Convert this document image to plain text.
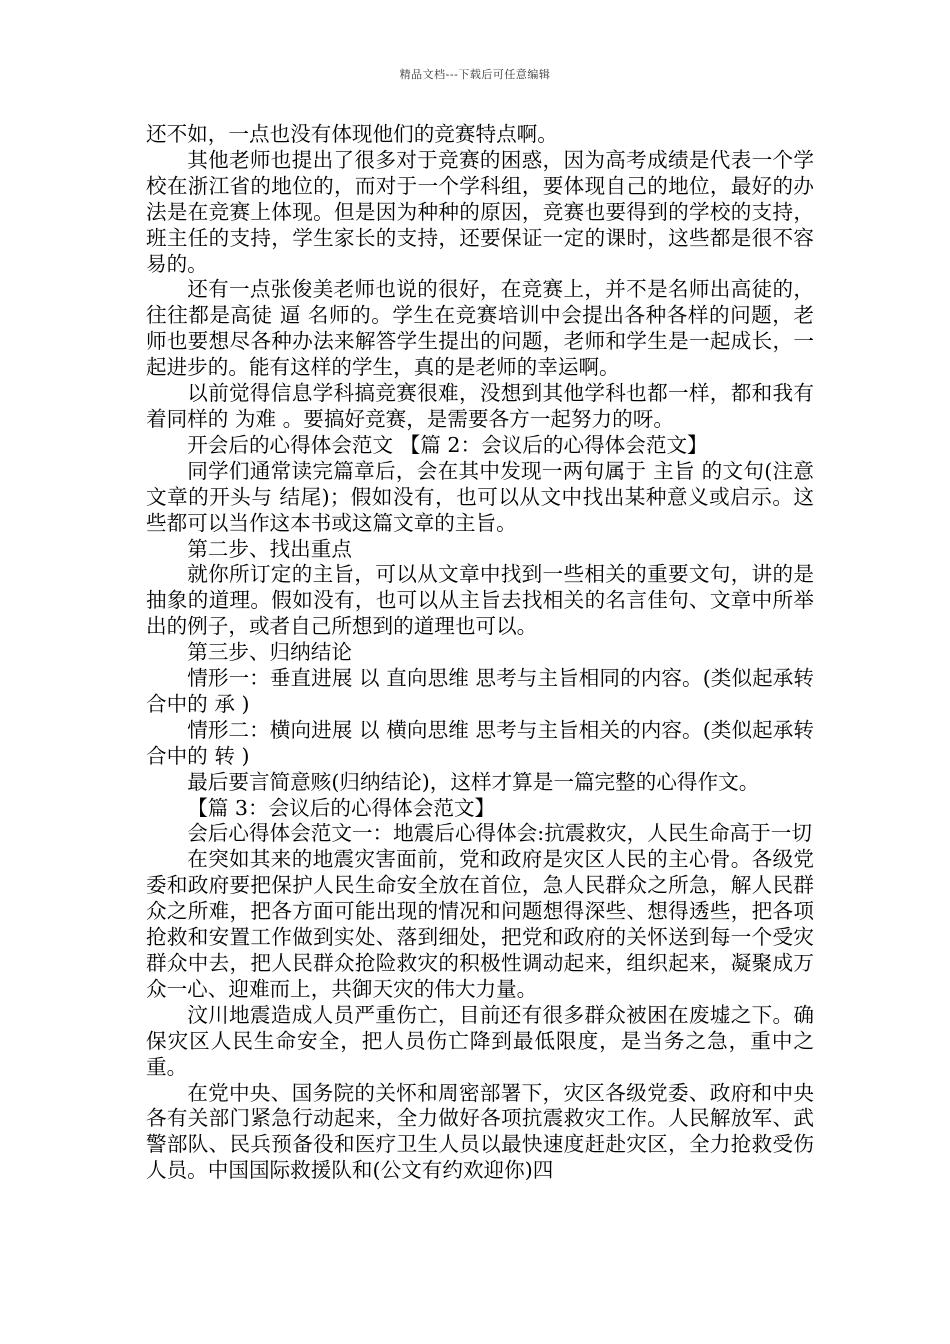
精品文档---下载后可任意编辑

还不如，一点也没有体现他们的竞赛特点啊。

其他老师也提出了很多对于竞赛的困惑，因为高考成绩是代表一个学校在浙江省的地位的，而对于一个学科组，要体现自己的地位，最好的办法是在竞赛上体现。但是因为种种的原因，竞赛也要得到的学校的支持，班主任的支持，学生家长的支持，还要保证一定的课时，这些都是很不容易的。

还有一点张俊美老师也说的很好，在竞赛上，并不是名师出高徒的，往往都是高徒 逼 名师的。学生在竞赛培训中会提出各种各样的问题，老师也要想尽各种办法来解答学生提出的问题，老师和学生是一起成长，一起进步的。能有这样的学生，真的是老师的幸运啊。

以前觉得信息学科搞竞赛很难，没想到其他学科也都一样，都和我有着同样的 为难 。要搞好竞赛，是需要各方一起努力的呀。

开会后的心得体会范文 【篇 2：会议后的心得体会范文】

同学们通常读完篇章后，会在其中发现一两句属于 主旨 的文句(注意文章的开头与 结尾)；假如没有，也可以从文中找出某种意义或启示。这些都可以当作这本书或这篇文章的主旨。

第二步、找出重点

就你所订定的主旨，可以从文章中找到一些相关的重要文句，讲的是抽象的道理。假如没有，也可以从主旨去找相关的名言佳句、文章中所举出的例子，或者自己所想到的道理也可以。

第三步、归纳结论

情形一：垂直进展 以 直向思维 思考与主旨相同的内容。(类似起承转合中的 承 )

情形二：横向进展 以 横向思维 思考与主旨相关的内容。(类似起承转合中的 转 )

最后要言简意赅(归纳结论)，这样才算是一篇完整的心得作文。

【篇 3：会议后的心得体会范文】

会后心得体会范文一：地震后心得体会:抗震救灾，人民生命高于一切

在突如其来的地震灾害面前，党和政府是灾区人民的主心骨。各级党委和政府要把保护人民生命安全放在首位，急人民群众之所急，解人民群众之所难，把各方面可能出现的情况和问题想得深些、想得透些，把各项抢救和安置工作做到实处、落到细处，把党和政府的关怀送到每一个受灾群众中去，把人民群众抢险救灾的积极性调动起来，组织起来，凝聚成万众一心、迎难而上，共御天灾的伟大力量。

汶川地震造成人员严重伤亡，目前还有很多群众被困在废墟之下。确保灾区人民生命安全，把人员伤亡降到最低限度，是当务之急，重中之重。

在党中央、国务院的关怀和周密部署下，灾区各级党委、政府和中央各有关部门紧急行动起来，全力做好各项抗震救灾工作。人民解放军、武警部队、民兵预备役和医疗卫生人员以最快速度赶赴灾区，全力抢救受伤人员。中国国际救援队和(公文有约欢迎你)四
